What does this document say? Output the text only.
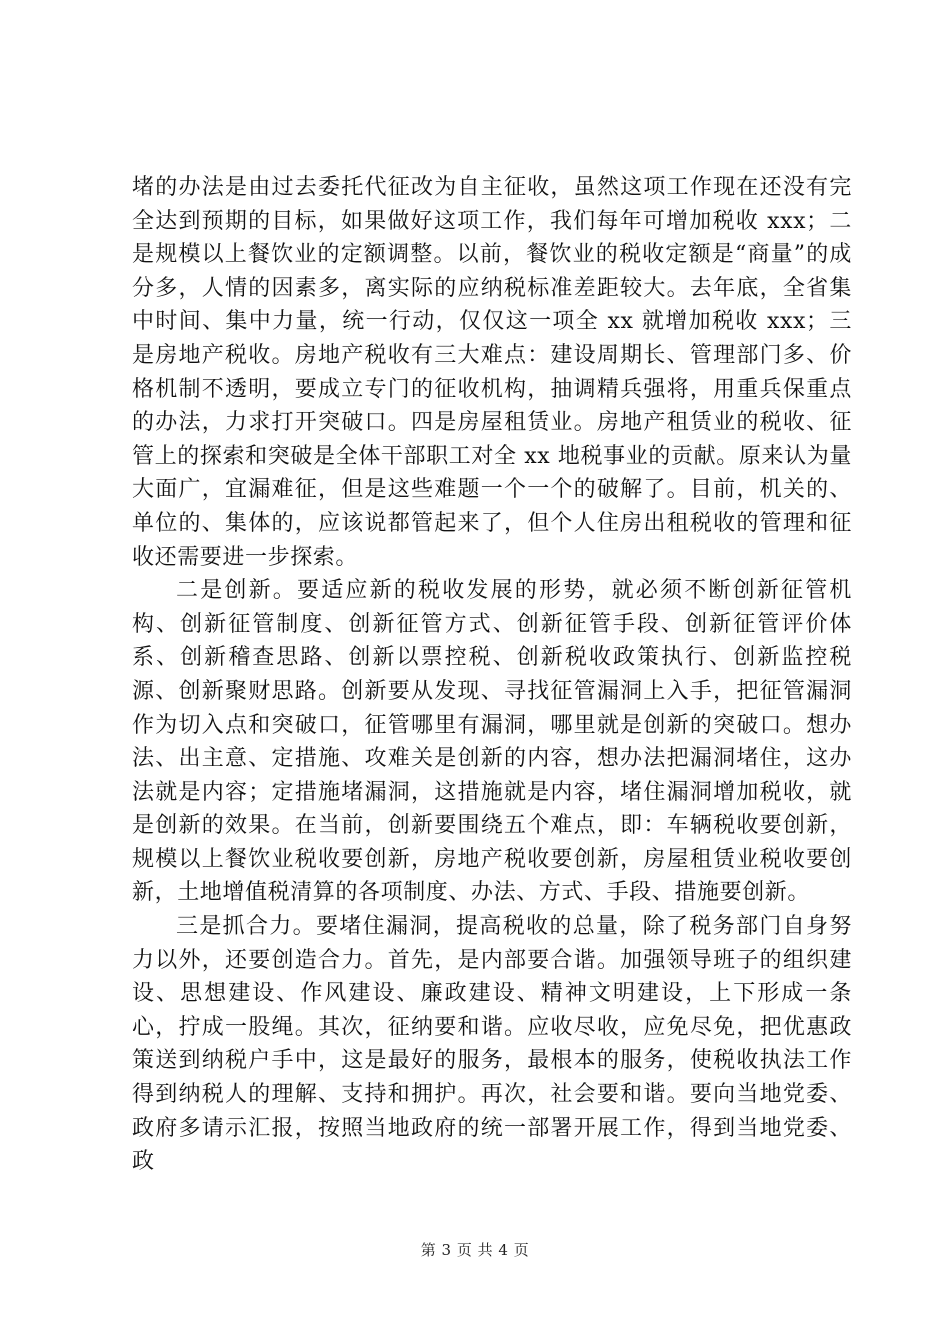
堵的办法是由过去委托代征改为自主征收，虽然这项工作现在还没有完全达到预期的目标，如果做好这项工作，我们每年可增加税收 xxx；二是规模以上餐饮业的定额调整。以前，餐饮业的税收定额是“商量”的成分多，人情的因素多，离实际的应纳税标准差距较大。去年底，全省集中时间、集中力量，统一行动，仅仅这一项全 xx 就增加税收 xxx；三是房地产税收。房地产税收有三大难点：建设周期长、管理部门多、价格机制不透明，要成立专门的征收机构，抽调精兵强将，用重兵保重点的办法，力求打开突破口。四是房屋租赁业。房地产租赁业的税收、征管上的探索和突破是全体干部职工对全 xx 地税事业的贡献。原来认为量大面广，宜漏难征，但是这些难题一个一个的破解了。目前，机关的、单位的、集体的，应该说都管起来了，但个人住房出租税收的管理和征收还需要进一步探索。

二是创新。要适应新的税收发展的形势，就必须不断创新征管机构、创新征管制度、创新征管方式、创新征管手段、创新征管评价体系、创新稽查思路、创新以票控税、创新税收政策执行、创新监控税源、创新聚财思路。创新要从发现、寻找征管漏洞上入手，把征管漏洞作为切入点和突破口，征管哪里有漏洞，哪里就是创新的突破口。想办法、出主意、定措施、攻难关是创新的内容，想办法把漏洞堵住，这办法就是内容；定措施堵漏洞，这措施就是内容，堵住漏洞增加税收，就是创新的效果。在当前，创新要围绕五个难点，即：车辆税收要创新，规模以上餐饮业税收要创新，房地产税收要创新，房屋租赁业税收要创新，土地增值税清算的各项制度、办法、方式、手段、措施要创新。

三是抓合力。要堵住漏洞，提高税收的总量，除了税务部门自身努力以外，还要创造合力。首先，是内部要合谐。加强领导班子的组织建设、思想建设、作风建设、廉政建设、精神文明建设，上下形成一条心，拧成一股绳。其次，征纳要和谐。应收尽收，应免尽免，把优惠政策送到纳税户手中，这是最好的服务，最根本的服务，使税收执法工作得到纳税人的理解、支持和拥护。再次，社会要和谐。要向当地党委、政府多请示汇报，按照当地政府的统一部署开展工作，得到当地党委、政

第 3 页 共 4 页
